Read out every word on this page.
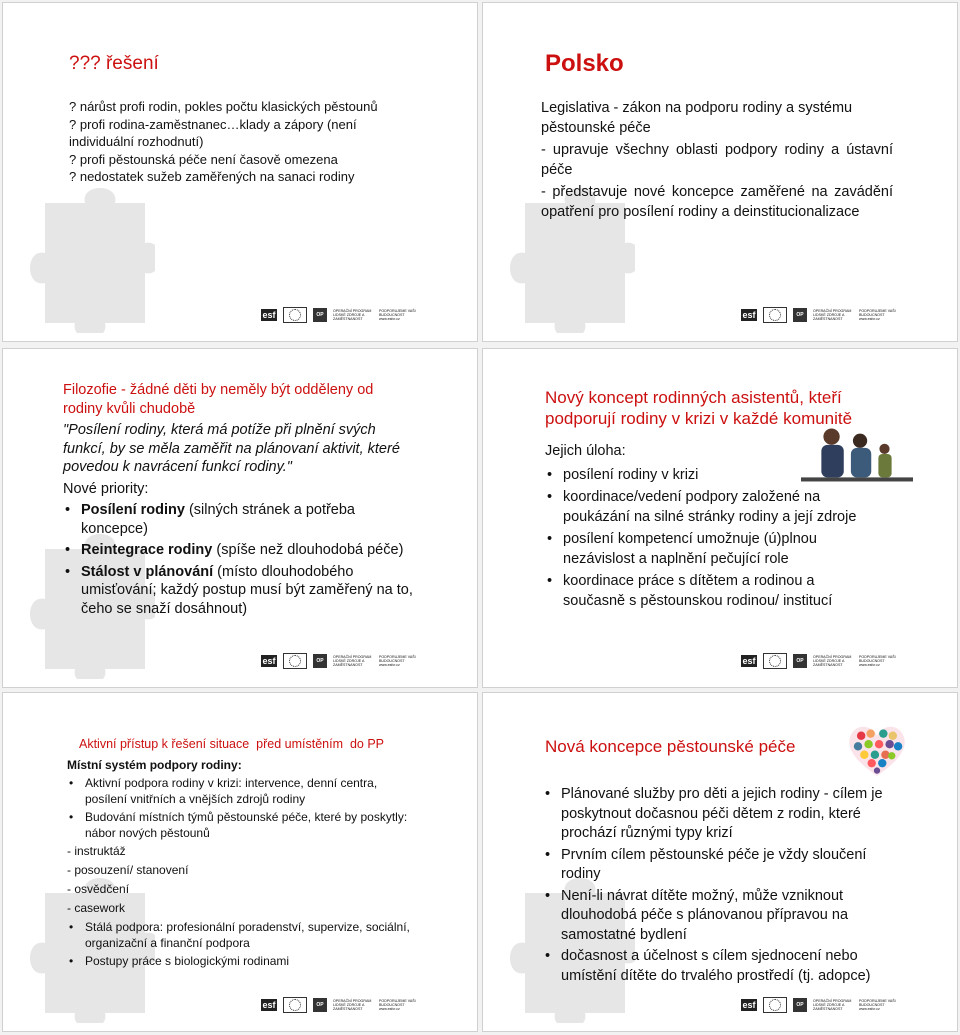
??? řešení
? nárůst profi rodin, pokles počtu klasických pěstounů
? profi rodina-zaměstnanec…klady a zápory (není individuální rozhodnutí)
? profi pěstounská péče není časově omezena
? nedostatek sužeb zaměřených na sanaci rodiny
esf	OP
OPERAČNÍ PROGRAM LIDSKÉ ZDROJE A ZAMĚSTNANOST
PODPORUJEME VAŠI BUDOUCNOST www.esfcr.cz
Polsko
Legislativa - zákon na podporu rodiny a systému pěstounské péče
- upravuje všechny oblasti podpory rodiny a ústavní péče
- představuje nové koncepce zaměřené na zavádění opatření pro posílení rodiny a deinstitucionalizace
esf	OP
OPERAČNÍ PROGRAM LIDSKÉ ZDROJE A ZAMĚSTNANOST
PODPORUJEME VAŠI BUDOUCNOST www.esfcr.cz
Filozofie - žádné děti by neměly být odděleny od rodiny kvůli chudobě
"Posílení rodiny, která má potíže při plnění svých funkcí, by se měla zaměřit na plánovaní aktivit, které povedou k navrácení funkcí rodiny."
Nové priority:
• Posílení rodiny (silných stránek a potřeba koncepce)
• Reintegrace rodiny (spíše než dlouhodobá péče)
• Stálost v plánování (místo dlouhodobého umisťování; každý postup musí být zaměřený na to, čeho se snaží dosáhnout)
esf	OP
OPERAČNÍ PROGRAM LIDSKÉ ZDROJE A ZAMĚSTNANOST
PODPORUJEME VAŠI BUDOUCNOST www.esfcr.cz
Nový koncept rodinných asistentů, kteří podporují rodiny v krizi v každé komunitě
Jejich úloha:
• posílení rodiny v krizi
• koordinace/vedení podpory založené na poukázání na silné stránky rodiny a její zdroje
• posílení kompetencí umožnuje (ú)plnou nezávislost a naplnění pečující role
• koordinace práce s dítětem a rodinou a současně s pěstounskou rodinou/ institucí
esf	OP
OPERAČNÍ PROGRAM LIDSKÉ ZDROJE A ZAMĚSTNANOST
PODPORUJEME VAŠI BUDOUCNOST www.esfcr.cz
Aktivní přístup k řešení situace  před umístěním  do PP
Místní systém podpory rodiny:
• Aktivní podpora rodiny v krizi: intervence, denní centra, posílení vnitřních a vnějších zdrojů rodiny
• Budování místních týmů pěstounské péče, které by poskytly: nábor nových pěstounů
- instruktáž
- posouzení/ stanovení
- osvědčení
- casework
• Stálá podpora: profesionální poradenství, supervize, sociální, organizační a finanční podpora
• Postupy práce s biologickými rodinami
esf	OP
OPERAČNÍ PROGRAM LIDSKÉ ZDROJE A ZAMĚSTNANOST
PODPORUJEME VAŠI BUDOUCNOST www.esfcr.cz
Nová koncepce pěstounské péče
• Plánované služby pro děti a jejich rodiny - cílem je poskytnout dočasnou péči dětem z rodin, které prochází různými typy krizí
• Prvním cílem pěstounské péče je vždy sloučení rodiny
• Není-li návrat dítěte možný, může vzniknout dlouhodobá péče s plánovanou přípravou na samostatné bydlení
• dočasnost a účelnost s cílem sjednocení nebo umístění dítěte do trvalého prostředí (tj. adopce)
esf	OP
OPERAČNÍ PROGRAM LIDSKÉ ZDROJE A ZAMĚSTNANOST
PODPORUJEME VAŠI BUDOUCNOST www.esfcr.cz
